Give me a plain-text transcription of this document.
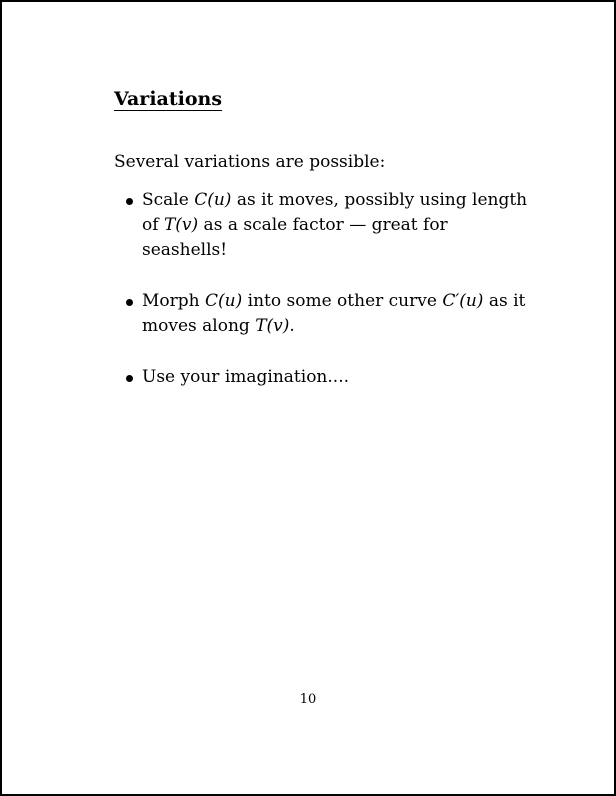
Variations

Several variations are possible:

Scale C(u) as it moves, possibly using length of T(v) as a scale factor — great for seashells!
Morph C(u) into some other curve C′(u) as it moves along T(v).
Use your imagination....
10
